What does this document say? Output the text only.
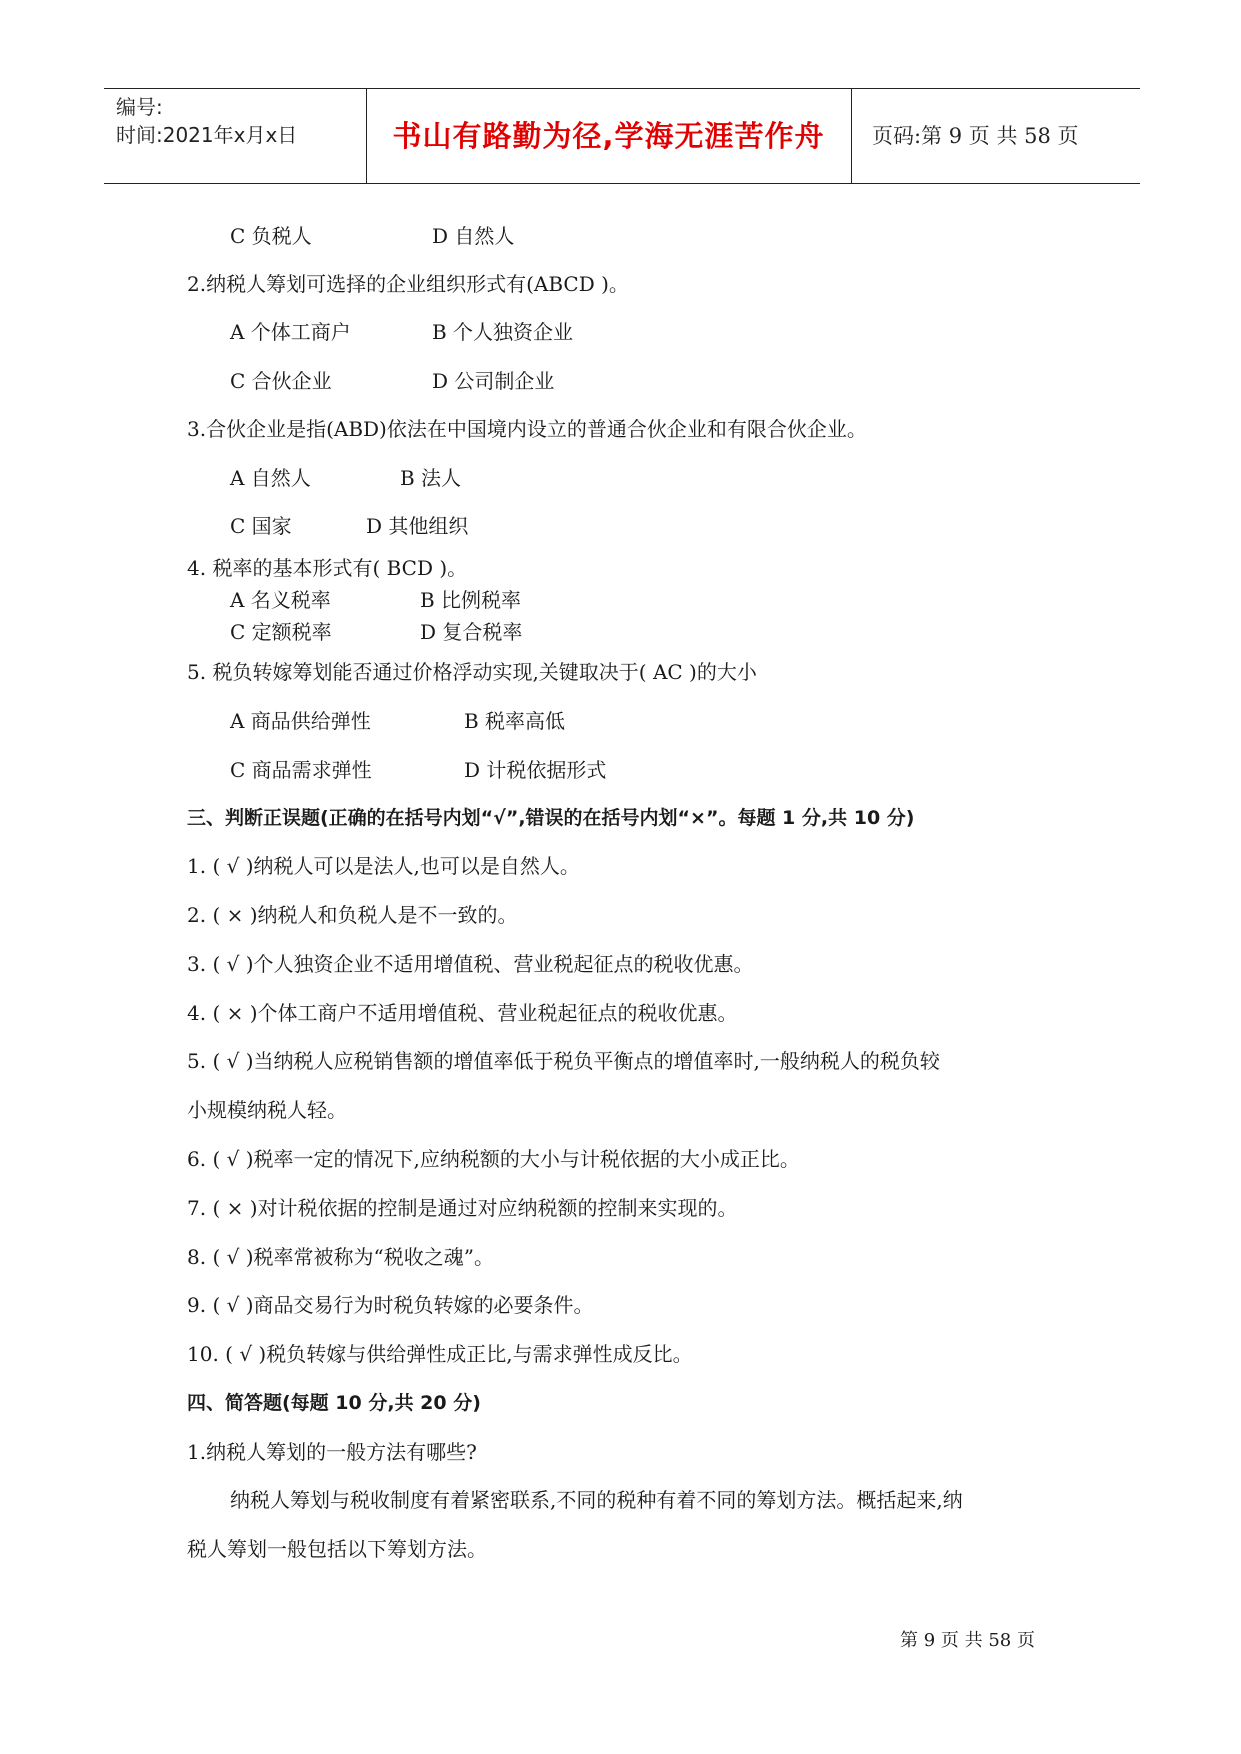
编号:
时间:2021年x月x日	书山有路勤为径,学海无涯苦作舟	页码:第 9 页 共 58 页
C 负税人	D 自然人
2.纳税人筹划可选择的企业组织形式有(ABCD )。
A 个体工商户	B 个人独资企业
C 合伙企业	D 公司制企业
3.合伙企业是指(ABD)依法在中国境内设立的普通合伙企业和有限合伙企业。
A 自然人	B 法人
C 国家	D 其他组织
4. 税率的基本形式有( BCD )。
A 名义税率	B 比例税率
C 定额税率	D 复合税率
5. 税负转嫁筹划能否通过价格浮动实现,关键取决于( AC )的大小
A 商品供给弹性	B 税率高低
C 商品需求弹性	D 计税依据形式
三、判断正误题(正确的在括号内划“√”,错误的在括号内划“×”。每题 1 分,共 10 分)
1. ( √ )纳税人可以是法人,也可以是自然人。
2. ( × )纳税人和负税人是不一致的。
3. ( √ )个人独资企业不适用增值税、营业税起征点的税收优惠。
4. ( × )个体工商户不适用增值税、营业税起征点的税收优惠。
5. ( √ )当纳税人应税销售额的增值率低于税负平衡点的增值率时,一般纳税人的税负较
小规模纳税人轻。
6. ( √ )税率一定的情况下,应纳税额的大小与计税依据的大小成正比。
7. ( × )对计税依据的控制是通过对应纳税额的控制来实现的。
8. ( √ )税率常被称为“税收之魂”。
9. ( √ )商品交易行为时税负转嫁的必要条件。
10. ( √ )税负转嫁与供给弹性成正比,与需求弹性成反比。
四、简答题(每题 10 分,共 20 分)
1.纳税人筹划的一般方法有哪些?
纳税人筹划与税收制度有着紧密联系,不同的税种有着不同的筹划方法。概括起来,纳
税人筹划一般包括以下筹划方法。
第 9 页 共 58 页
